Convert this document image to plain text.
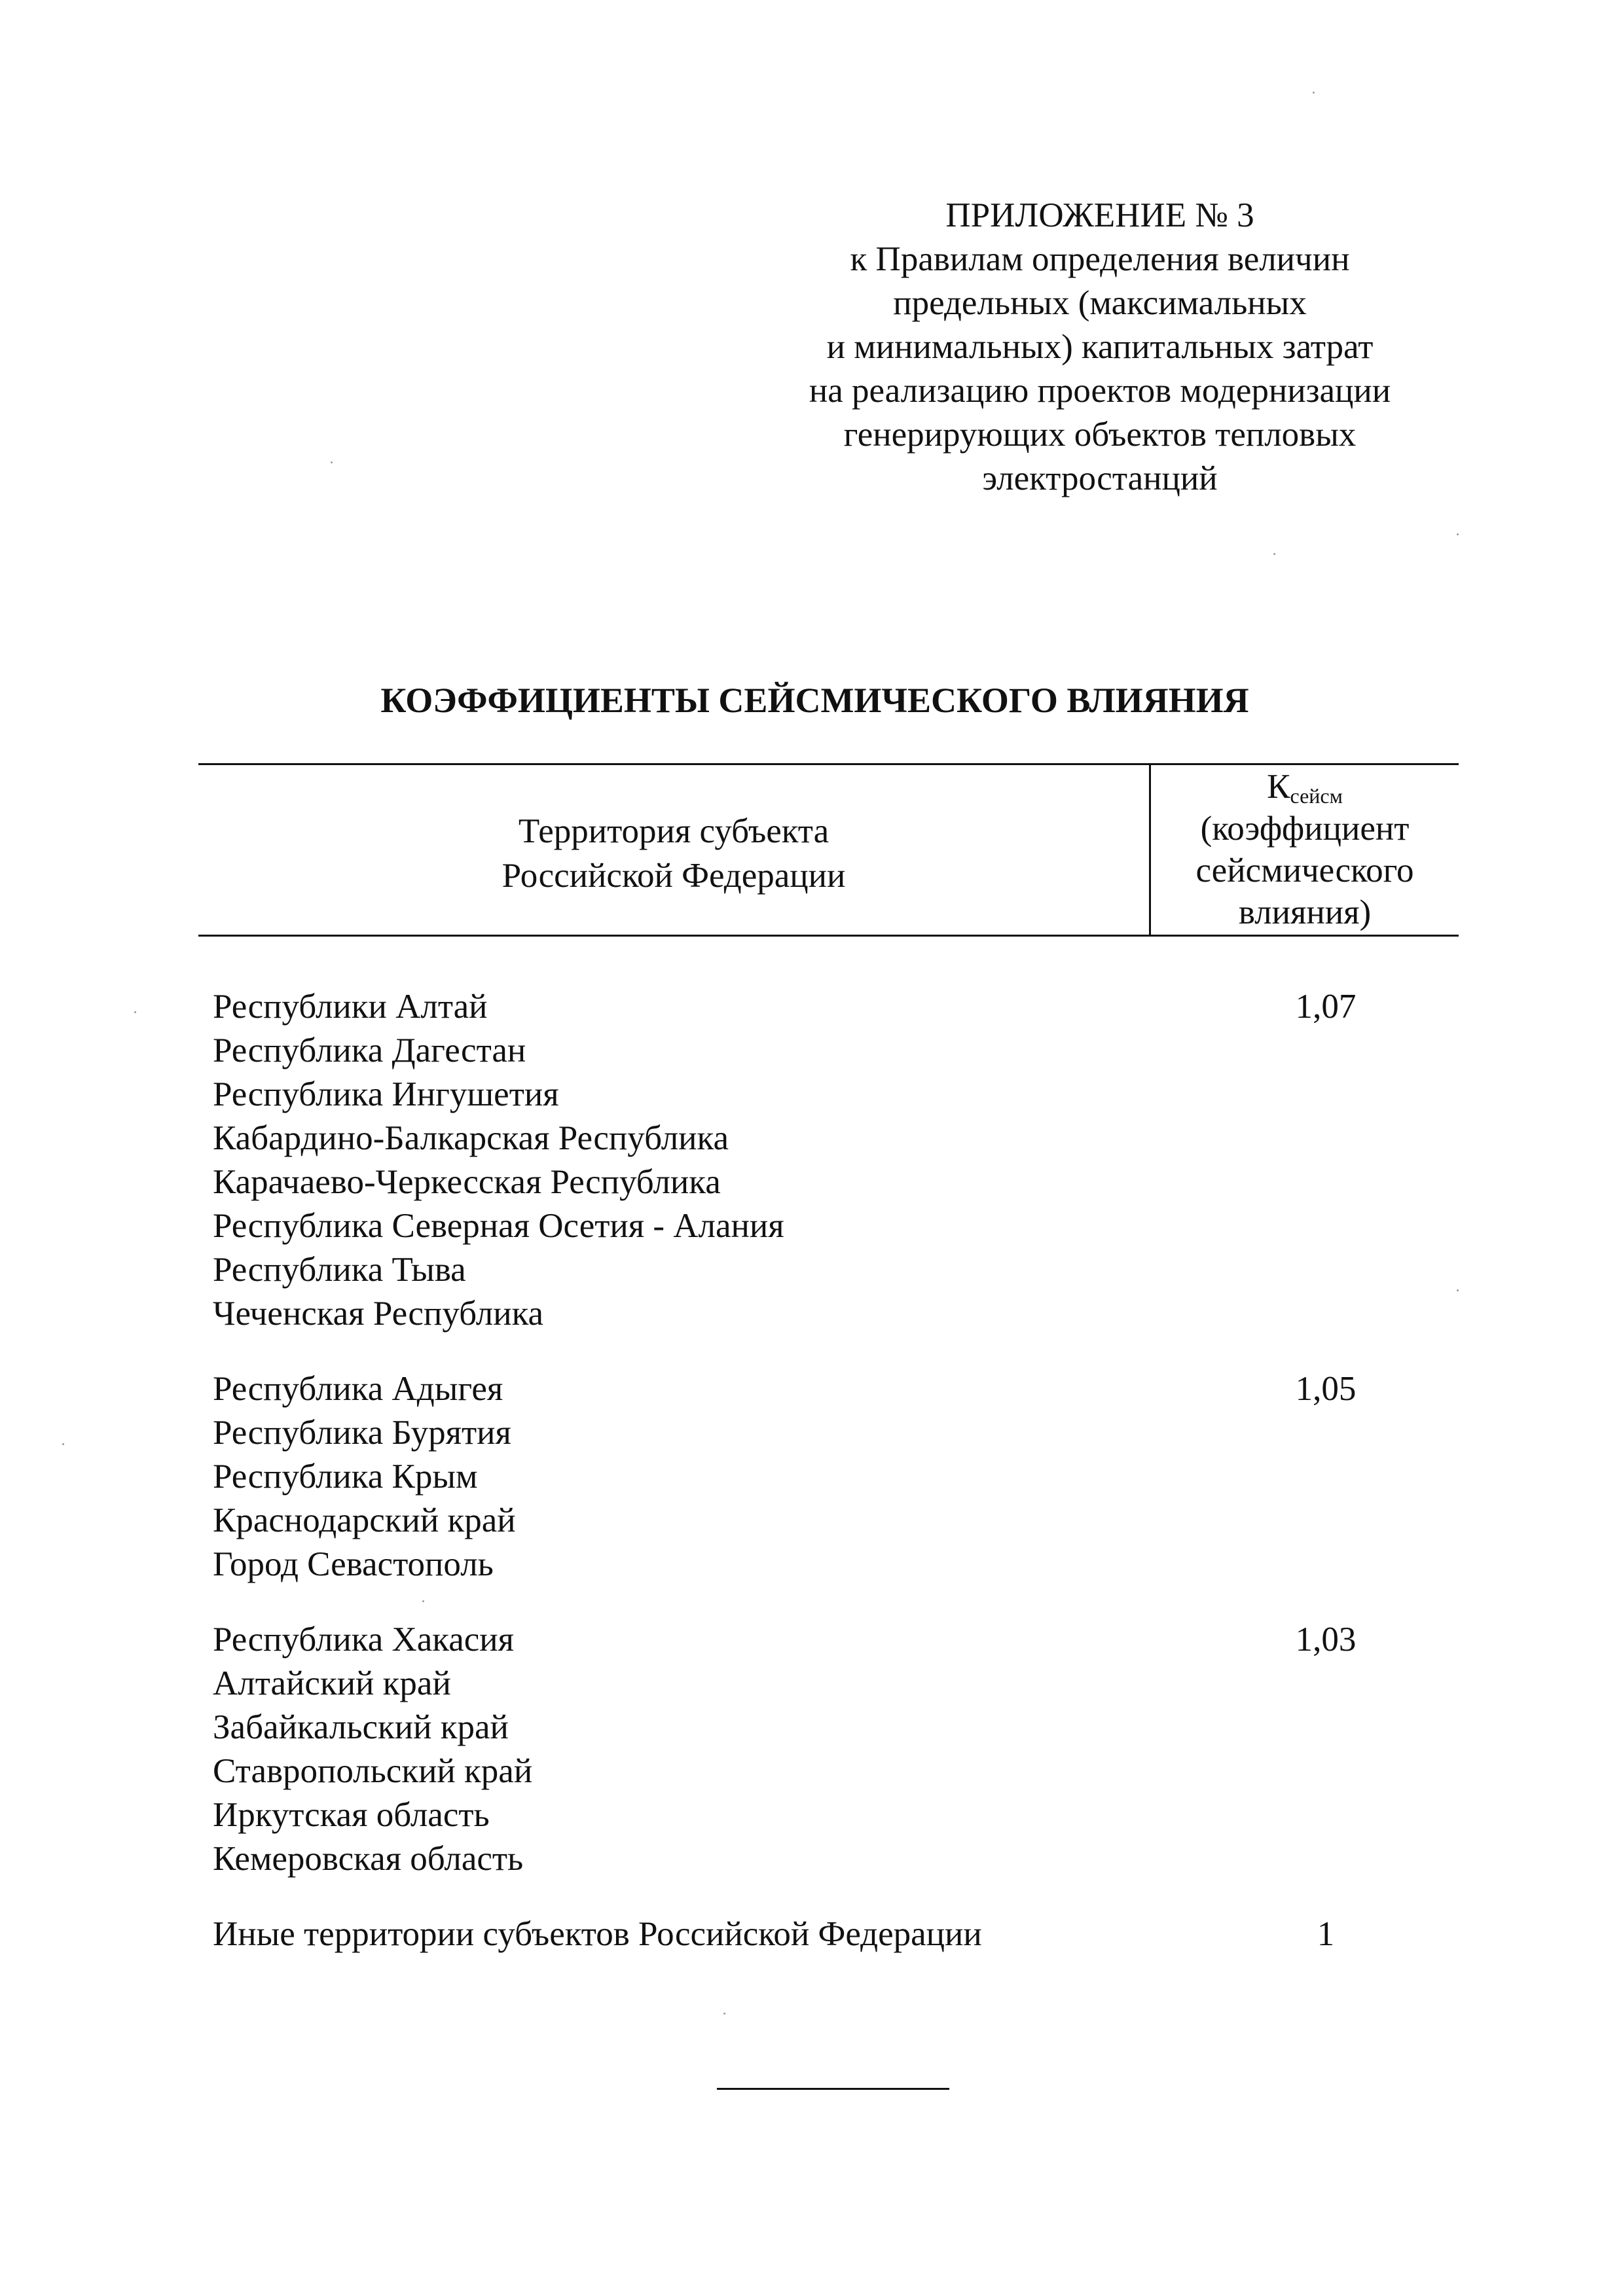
ПРИЛОЖЕНИЕ № 3
к Правилам определения величин
предельных (максимальных
и минимальных) капитальных затрат
на реализацию проектов модернизации
генерирующих объектов тепловых
электростанций
КОЭФФИЦИЕНТЫ СЕЙСМИЧЕСКОГО ВЛИЯНИЯ
Территория субъекта
Российской Федерации
$К_{сейсм}$
(коэффициент
сейсмического
влияния)
Республики Алтай
Республика Дагестан
Республика Ингушетия
Кабардино-Балкарская Республика
Карачаево-Черкесская Республика
Республика Северная Осетия - Алания
Республика Тыва
Чеченская Республика
1,07
Республика Адыгея
Республика Бурятия
Республика Крым
Краснодарский край
Город Севастополь
1,05
Республика Хакасия
Алтайский край
Забайкальский край
Ставропольский край
Иркутская область
Кемеровская область
1,03
Иные территории субъектов Российской Федерации	1
